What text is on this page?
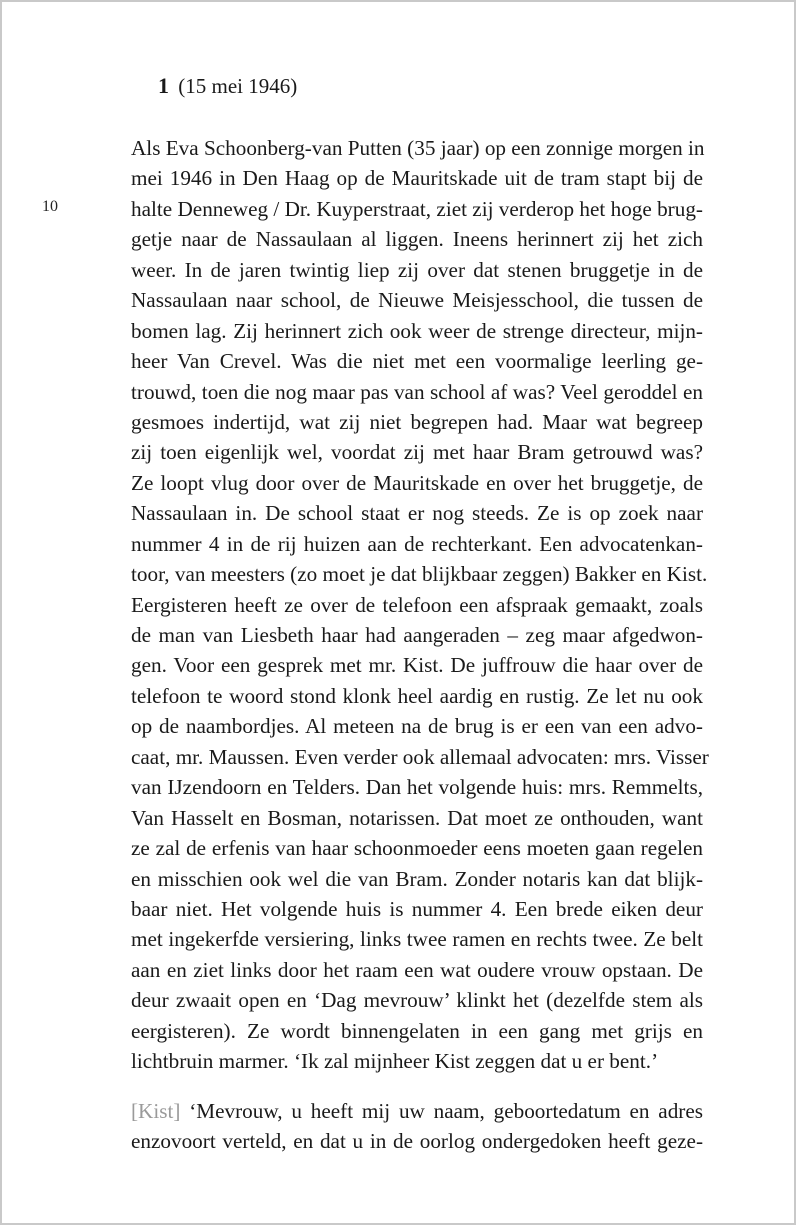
1 (15 mei 1946)
10
Als Eva Schoonberg-van Putten (35 jaar) op een zonnige morgen in
mei 1946 in Den Haag op de Mauritskade uit de tram stapt bij de
halte Denneweg / Dr. Kuyperstraat, ziet zij verderop het hoge brug-
getje naar de Nassaulaan al liggen. Ineens herinnert zij het zich
weer. In de jaren twintig liep zij over dat stenen bruggetje in de
Nassaulaan naar school, de Nieuwe Meisjesschool, die tussen de
bomen lag. Zij herinnert zich ook weer de strenge directeur, mijn-
heer Van Crevel. Was die niet met een voormalige leerling ge-
trouwd, toen die nog maar pas van school af was? Veel geroddel en
gesmoes indertijd, wat zij niet begrepen had. Maar wat begreep
zij toen eigenlijk wel, voordat zij met haar Bram getrouwd was?
Ze loopt vlug door over de Mauritskade en over het bruggetje, de
Nassaulaan in. De school staat er nog steeds. Ze is op zoek naar
nummer 4 in de rij huizen aan de rechterkant. Een advocatenkan-
toor, van meesters (zo moet je dat blijkbaar zeggen) Bakker en Kist.
Eergisteren heeft ze over de telefoon een afspraak gemaakt, zoals
de man van Liesbeth haar had aangeraden – zeg maar afgedwon-
gen. Voor een gesprek met mr. Kist. De juffrouw die haar over de
telefoon te woord stond klonk heel aardig en rustig. Ze let nu ook
op de naambordjes. Al meteen na de brug is er een van een advo-
caat, mr. Maussen. Even verder ook allemaal advocaten: mrs. Visser
van IJzendoorn en Telders. Dan het volgende huis: mrs. Remmelts,
Van Hasselt en Bosman, notarissen. Dat moet ze onthouden, want
ze zal de erfenis van haar schoonmoeder eens moeten gaan regelen
en misschien ook wel die van Bram. Zonder notaris kan dat blijk-
baar niet. Het volgende huis is nummer 4. Een brede eiken deur
met ingekerfde versiering, links twee ramen en rechts twee. Ze belt
aan en ziet links door het raam een wat oudere vrouw opstaan. De
deur zwaait open en ‘Dag mevrouw’ klinkt het (dezelfde stem als
eergisteren). Ze wordt binnengelaten in een gang met grijs en
lichtbruin marmer. ‘Ik zal mijnheer Kist zeggen dat u er bent.’
[Kist] ‘Mevrouw, u heeft mij uw naam, geboortedatum en adres
enzovoort verteld, en dat u in de oorlog ondergedoken heeft geze-
